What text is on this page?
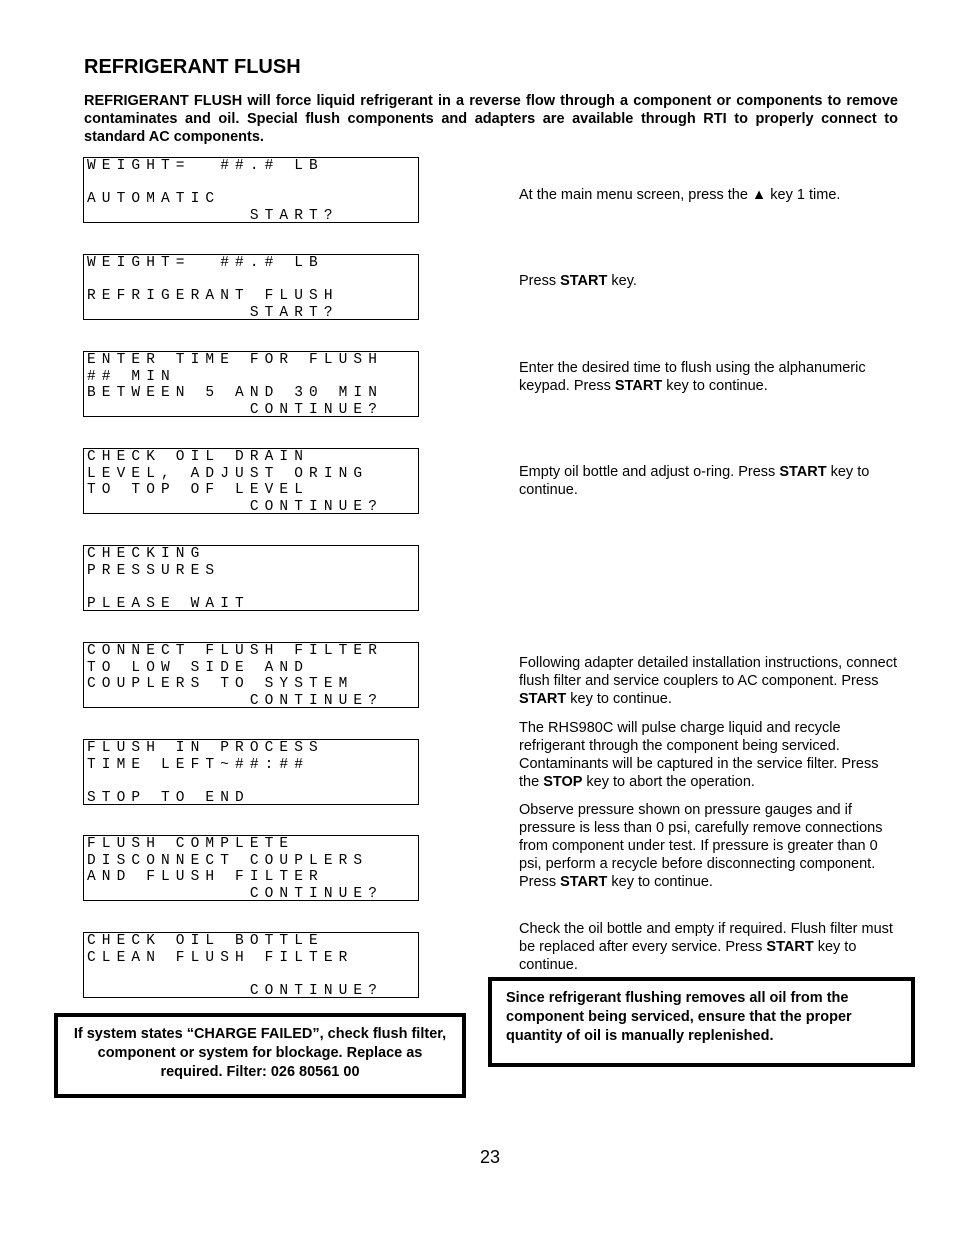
REFRIGERANT FLUSH
REFRIGERANT FLUSH will force liquid refrigerant in a reverse flow through a component or components to remove contaminates and oil. Special flush components and adapters are available through RTI to properly connect to standard AC components.
WEIGHT=  ##.# LB
AUTOMATIC
START?
WEIGHT=  ##.# LB
REFRIGERANT FLUSH
START?
ENTER TIME FOR FLUSH
## MIN
BETWEEN 5 AND 30 MIN
CONTINUE?
CHECK OIL DRAIN
LEVEL, ADJUST ORING
TO TOP OF LEVEL
CONTINUE?
CHECKING
PRESSURES
PLEASE WAIT
CONNECT FLUSH FILTER
TO LOW SIDE AND
COUPLERS TO SYSTEM
CONTINUE?
FLUSH IN PROCESS
TIME LEFT~##:##
STOP TO END
FLUSH COMPLETE
DISCONNECT COUPLERS
AND FLUSH FILTER
CONTINUE?
CHECK OIL BOTTLE
CLEAN FLUSH FILTER
CONTINUE?
At the main menu screen, press the ▲ key 1 time.
Press START key.
Enter the desired time to flush using the alphanumeric keypad. Press START key to continue.
Empty oil bottle and adjust o-ring. Press START key to continue.
Following adapter detailed installation instructions, connect flush filter and service couplers to AC component. Press START key to continue.
The RHS980C will pulse charge liquid and recycle refrigerant through the component being serviced. Contaminants will be captured in the service filter. Press the STOP key to abort the operation.
Observe pressure shown on pressure gauges and if pressure is less than 0 psi, carefully remove connections from component under test. If pressure is greater than 0 psi, perform a recycle before disconnecting component. Press START key to continue.
Check the oil bottle and empty if required. Flush filter must be replaced after every service. Press START key to continue.
Since refrigerant flushing removes all oil from the component being serviced, ensure that the proper quantity of oil is manually replenished.
If system states “CHARGE FAILED”, check flush filter, component or system for blockage. Replace as required. Filter: 026 80561 00
23
